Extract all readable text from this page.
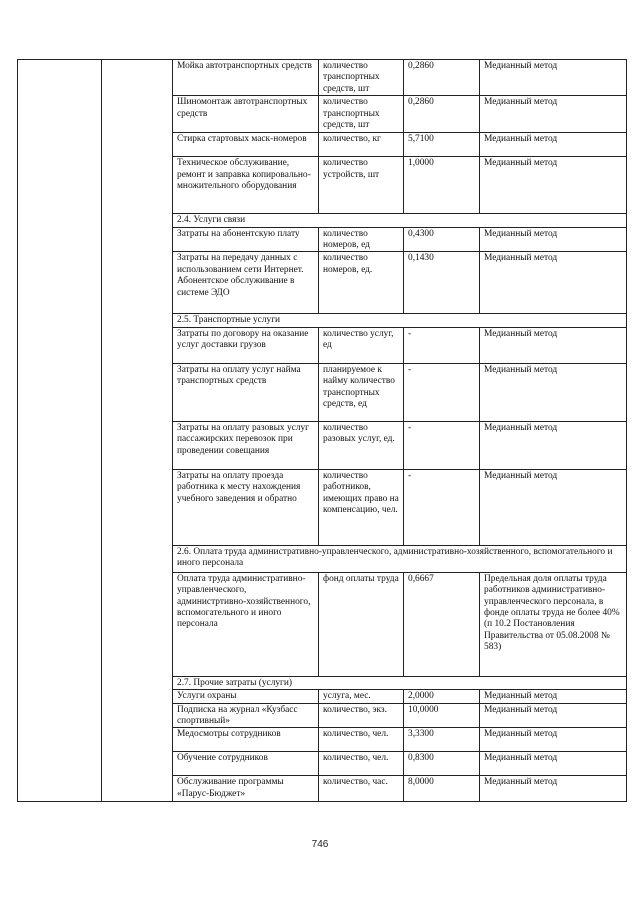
		Мойка автотранспортных средств	количество транспортных средств, шт	0,2860	Медианный метод
		Шиномонтаж автотранспортных средств	количество транспортных средств, шт	0,2860	Медианный метод
		Стирка стартовых маск-номеров	количество, кг	5,7100	Медианный метод
		Техническое обслуживание, ремонт и заправка копировально-множительного оборудования	количество устройств, шт	1,0000	Медианный метод
		2.4. Услуги связи			
		Затраты на абонентскую плату	количество номеров, ед	0,4300	Медианный метод
		Затраты на передачу данных с использованием сети Интернет. Абонентское обслуживание в системе ЭДО	количество номеров, ед.	0,1430	Медианный метод
		2.5. Транспортные услуги			
		Затраты по договору на оказание услуг доставки грузов	количество услуг, ед	-	Медианный метод
		Затраты на оплату услуг найма транспортных средств	планируемое к найму количество транспортных средств, ед	-	Медианный метод
		Затраты на оплату разовых услуг пассажирских перевозок при проведении совещания	количество разовых услуг, ед.	-	Медианный метод
		Затраты на оплату проезда работника к месту нахождения учебного заведения и обратно	количество работников, имеющих право на компенсацию, чел.	-	Медианный метод
		2.6. Оплата труда административно-управленческого, административно-хозяйственного, вспомогательного и иного персонала			
		Оплата труда административно-управленческого, администртивно-хозяйственного, вспомогательного и иного персонала	фонд оплаты труда	0,6667	Предельная доля оплаты труда работников административно-управленческого персонала, в фонде оплаты труда не более 40% (п 10.2 Постановления Правительства от 05.08.2008 № 583)
		2.7. Прочие затраты (услуги)			
		Услуги охраны	услуга, мес.	2,0000	Медианный метод
		Подписка на журнал «Кузбасс спортивный»	количество, экз.	10,0000	Медианный метод
		Медосмотры сотрудников	количество, чел.	3,3300	Медианный метод
		Обучение сотрудников	количество, чел.	0,8300	Медианный метод
		Обслуживание программы «Парус-Бюджет»	количество, час.	8,0000	Медианный метод
746
